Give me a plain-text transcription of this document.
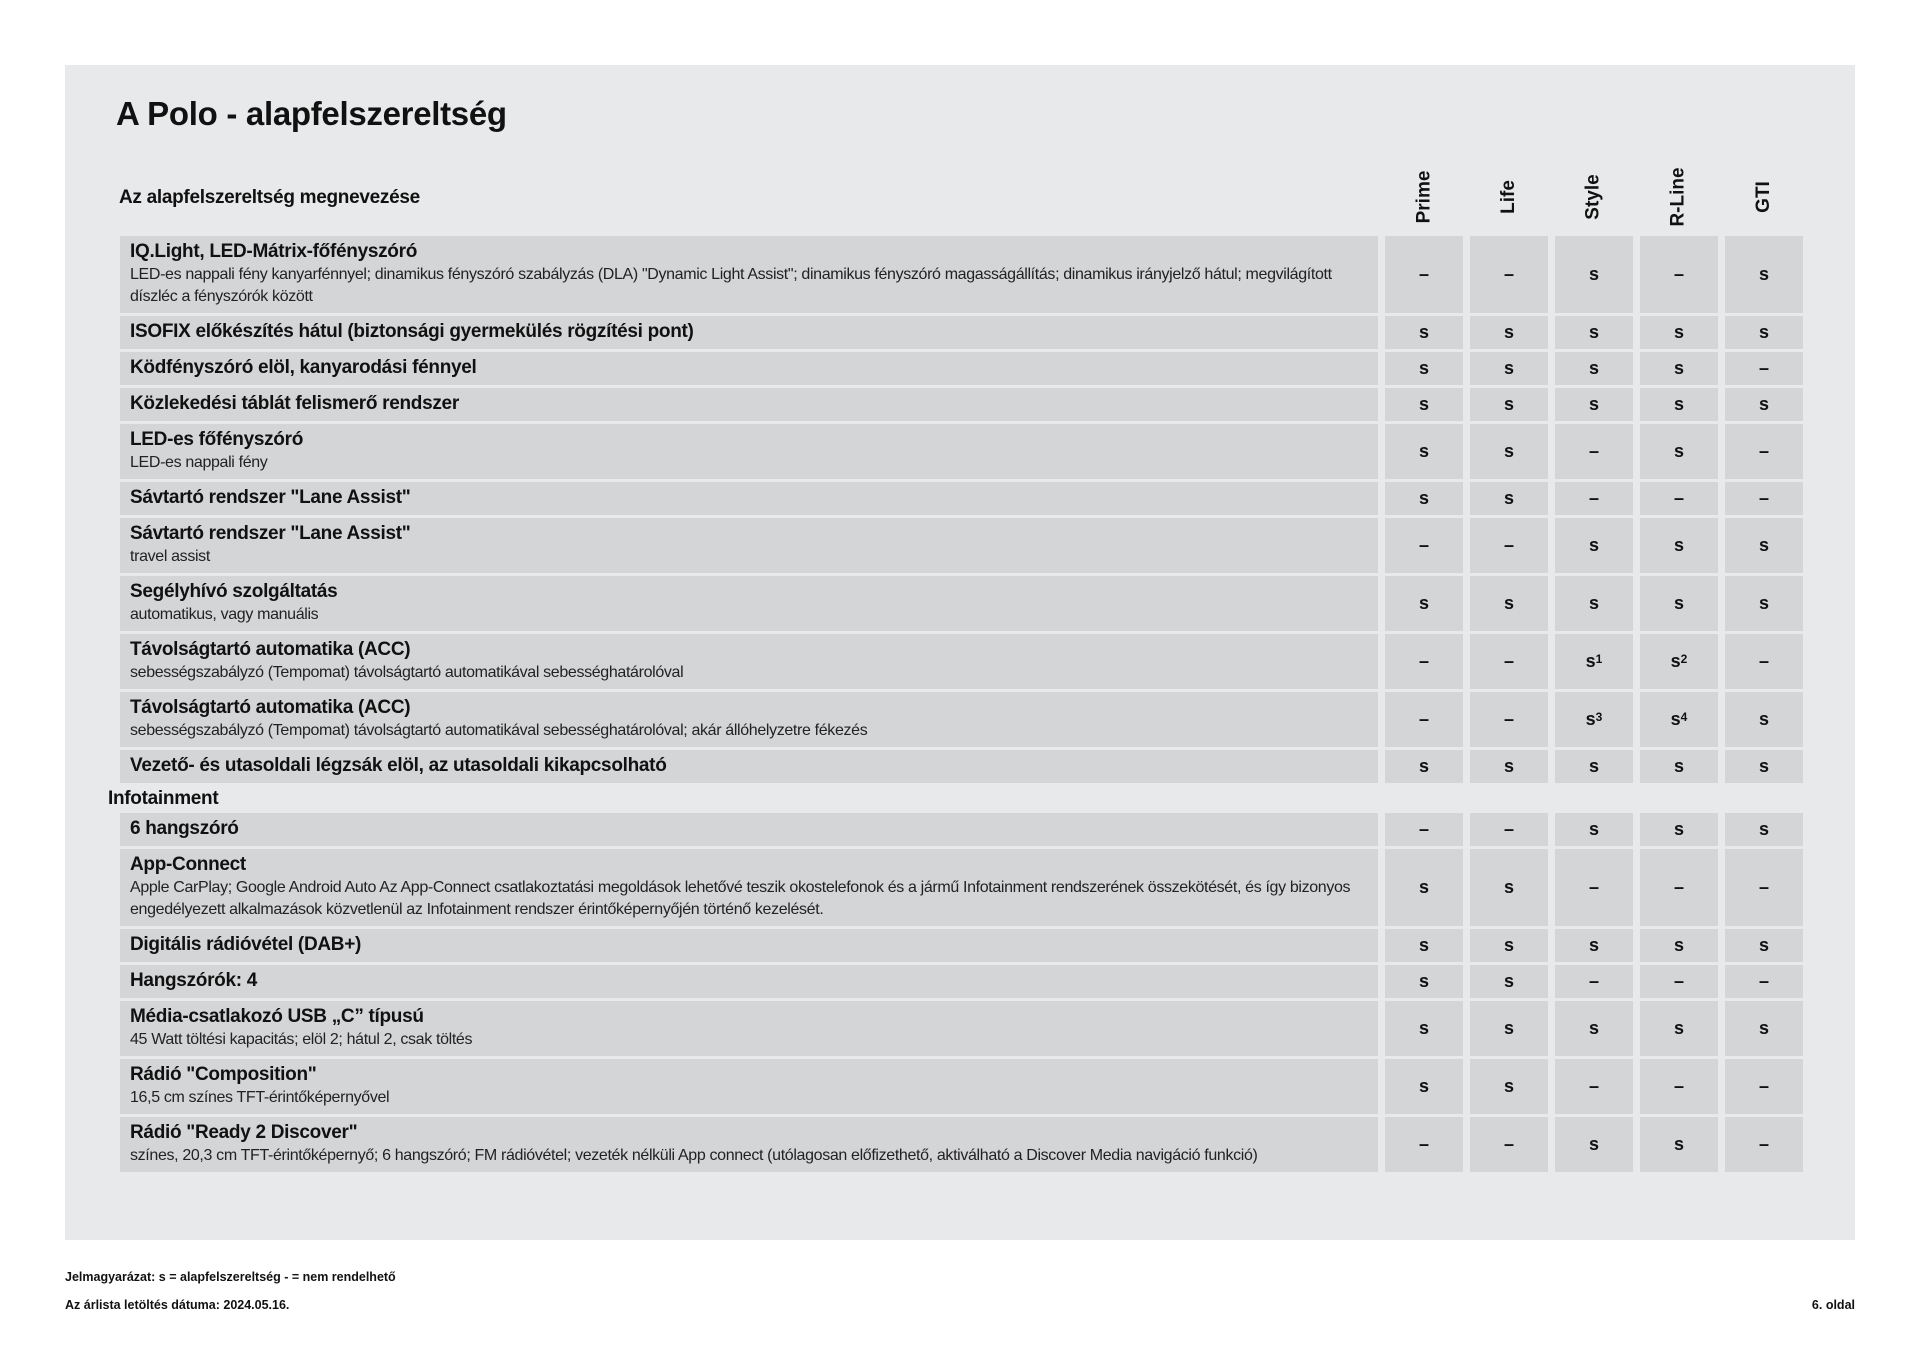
A Polo - alapfelszereltség
Az alapfelszereltség megnevezése	Prime	Life	Style	R-Line	GTI
IQ.Light, LED-Mátrix-főfényszóró
LED-es nappali fény kanyarfénnyel; dinamikus fényszóró szabályzás (DLA) "Dynamic Light Assist"; dinamikus fényszóró magasságállítás; dinamikus irányjelző hátul; megvilágított díszléc a fényszórók között
–	–	s	–	s
ISOFIX előkészítés hátul (biztonsági gyermekülés rögzítési pont)	s	s	s	s	s
Ködfényszóró elöl, kanyarodási fénnyel	s	s	s	s	–
Közlekedési táblát felismerő rendszer	s	s	s	s	s
LED-es főfényszóró
LED-es nappali fény
s	s	–	s	–
Sávtartó rendszer "Lane Assist"	s	s	–	–	–
Sávtartó rendszer "Lane Assist"
travel assist
–	–	s	s	s
Segélyhívó szolgáltatás
automatikus, vagy manuális
s	s	s	s	s
Távolságtartó automatika (ACC)
sebességszabályzó (Tempomat) távolságtartó automatikával sebességhatárolóval
–	–	$s^1$	$s^2$	–
Távolságtartó automatika (ACC)
sebességszabályzó (Tempomat) távolságtartó automatikával sebességhatárolóval; akár állóhelyzetre fékezés
–	–	$s^3$	$s^4$	s
Vezető- és utasoldali légzsák elöl, az utasoldali kikapcsolható	s	s	s	s	s
Infotainment
6 hangszóró	–	–	s	s	s
App-Connect
Apple CarPlay; Google Android Auto Az App-Connect csatlakoztatási megoldások lehetővé teszik okostelefonok és a jármű Infotainment rendszerének összekötését, és így bizonyos engedélyezett alkalmazások közvetlenül az Infotainment rendszer érintőképernyőjén történő kezelését.
s	s	–	–	–
Digitális rádióvétel (DAB+)	s	s	s	s	s
Hangszórók: 4	s	s	–	–	–
Média-csatlakozó USB „C” típusú
45 Watt töltési kapacitás; elöl 2; hátul 2, csak töltés
s	s	s	s	s
Rádió "Composition"
16,5 cm színes TFT-érintőképernyővel
s	s	–	–	–
Rádió "Ready 2 Discover"
színes, 20,3 cm TFT-érintőképernyő; 6 hangszóró; FM rádióvétel; vezeték nélküli App connect (utólagosan előfizethető, aktiválható a Discover Media navigáció funkció)
–	–	s	s	–
Jelmagyarázat: s = alapfelszereltség - = nem rendelhető
Az árlista letöltés dátuma: 2024.05.16.	6. oldal
